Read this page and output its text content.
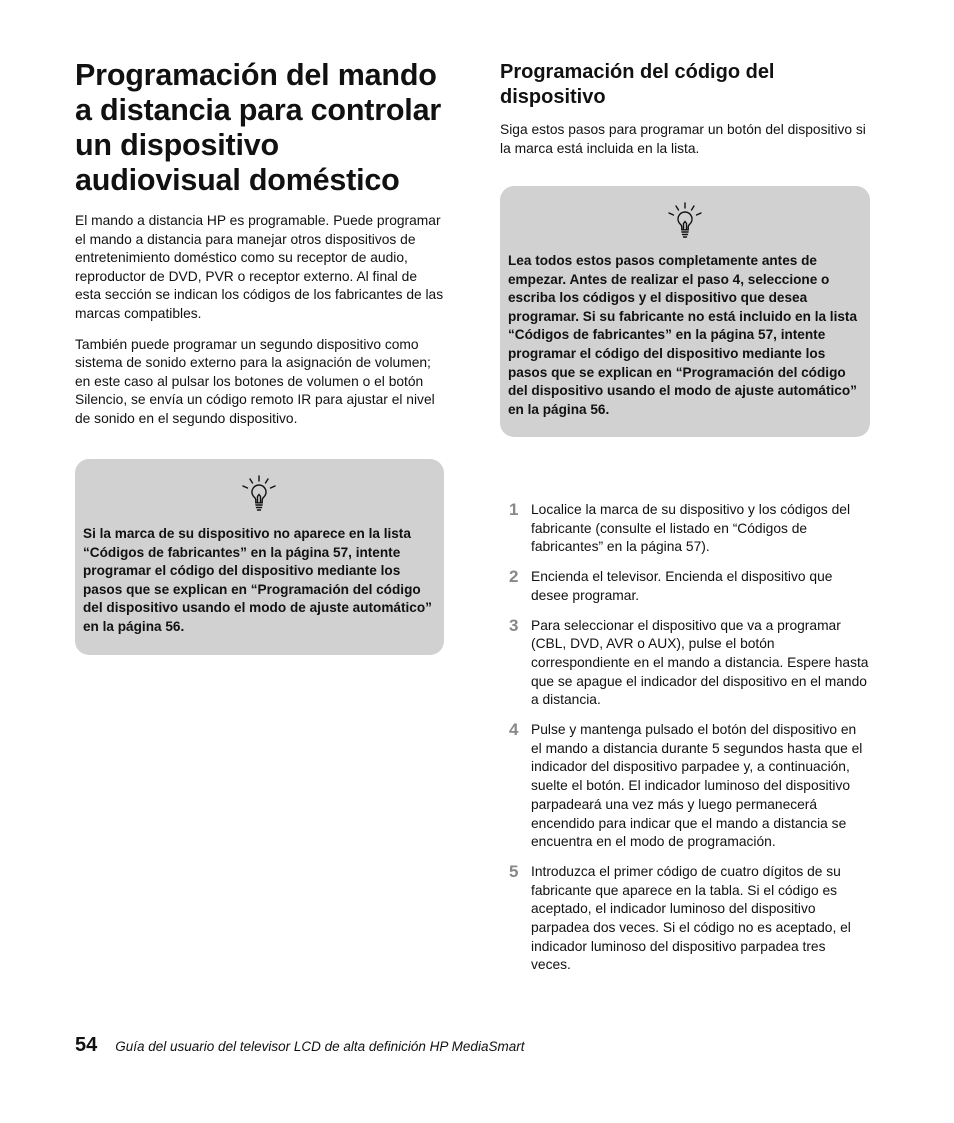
Programación del mando a distancia para controlar un dispositivo audiovisual doméstico

El mando a distancia HP es programable. Puede programar el mando a distancia para manejar otros dispositivos de entretenimiento doméstico como su receptor de audio, reproductor de DVD, PVR o receptor externo. Al final de esta sección se indican los códigos de los fabricantes de las marcas compatibles.

También puede programar un segundo dispositivo como sistema de sonido externo para la asignación de volumen; en este caso al pulsar los botones de volumen o el botón Silencio, se envía un código remoto IR para ajustar el nivel de sonido en el segundo dispositivo.

Si la marca de su dispositivo no aparece en la lista “Códigos de fabricantes” en la página 57, intente programar el código del dispositivo mediante los pasos que se explican en “Programación del código del dispositivo usando el modo de ajuste automático” en la página 56.

Programación del código del dispositivo

Siga estos pasos para programar un botón del dispositivo si la marca está incluida en la lista.

Lea todos estos pasos completamente antes de empezar. Antes de realizar el paso 4, seleccione o escriba los códigos y el dispositivo que desea programar. Si su fabricante no está incluido en la lista “Códigos de fabricantes” en la página 57, intente programar el código del dispositivo mediante los pasos que se explican en “Programación del código del dispositivo usando el modo de ajuste automático” en la página 56.

1 Localice la marca de su dispositivo y los códigos del fabricante (consulte el listado en “Códigos de fabricantes” en la página 57).
2 Encienda el televisor. Encienda el dispositivo que desee programar.
3 Para seleccionar el dispositivo que va a programar (CBL, DVD, AVR o AUX), pulse el botón correspondiente en el mando a distancia. Espere hasta que se apague el indicador del dispositivo en el mando a distancia.
4 Pulse y mantenga pulsado el botón del dispositivo en el mando a distancia durante 5 segundos hasta que el indicador del dispositivo parpadee y, a continuación, suelte el botón. El indicador luminoso del dispositivo parpadeará una vez más y luego permanecerá encendido para indicar que el mando a distancia se encuentra en el modo de programación.
5 Introduzca el primer código de cuatro dígitos de su fabricante que aparece en la tabla. Si el código es aceptado, el indicador luminoso del dispositivo parpadea dos veces. Si el código no es aceptado, el indicador luminoso del dispositivo parpadea tres veces.
54 Guía del usuario del televisor LCD de alta definición HP MediaSmart
